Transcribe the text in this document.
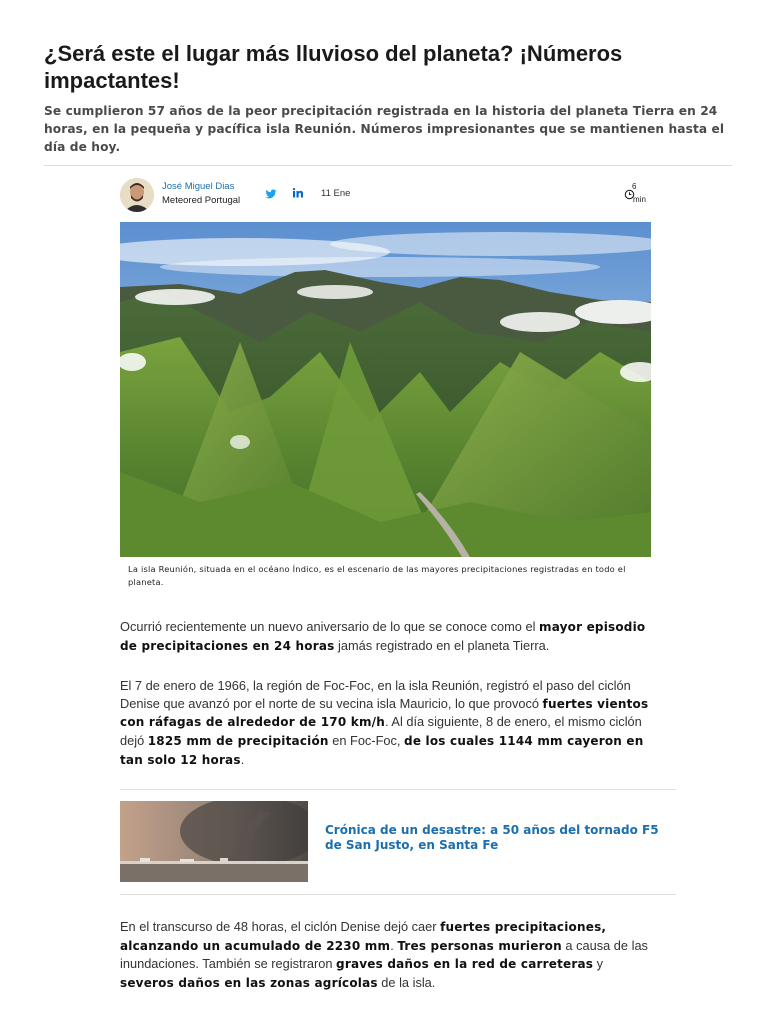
¿Será este el lugar más lluvioso del planeta? ¡Números impactantes!

Se cumplieron 57 años de la peor precipitación registrada en la historia del planeta Tierra en 24 horas, en la pequeña y pacífica isla Reunión. Números impresionantes que se mantienen hasta el día de hoy.

José Miguel Dias
Meteored Portugal
11 Ene
6
min

La isla Reunión, situada en el océano Índico, es el escenario de las mayores precipitaciones registradas en todo el planeta.

Ocurrió recientemente un nuevo aniversario de lo que se conoce como el mayor episodio de precipitaciones en 24 horas jamás registrado en el planeta Tierra.

El 7 de enero de 1966, la región de Foc-Foc, en la isla Reunión, registró el paso del ciclón Denise que avanzó por el norte de su vecina isla Mauricio, lo que provocó fuertes vientos con ráfagas de alrededor de 170 km/h. Al día siguiente, 8 de enero, el mismo ciclón dejó 1825 mm de precipitación en Foc-Foc, de los cuales 1144 mm cayeron en tan solo 12 horas.

Crónica de un desastre: a 50 años del tornado F5 de San Justo, en Santa Fe

En el transcurso de 48 horas, el ciclón Denise dejó caer fuertes precipitaciones, alcanzando un acumulado de 2230 mm. Tres personas murieron a causa de las inundaciones. También se registraron graves daños en la red de carreteras y severos daños en las zonas agrícolas de la isla.
